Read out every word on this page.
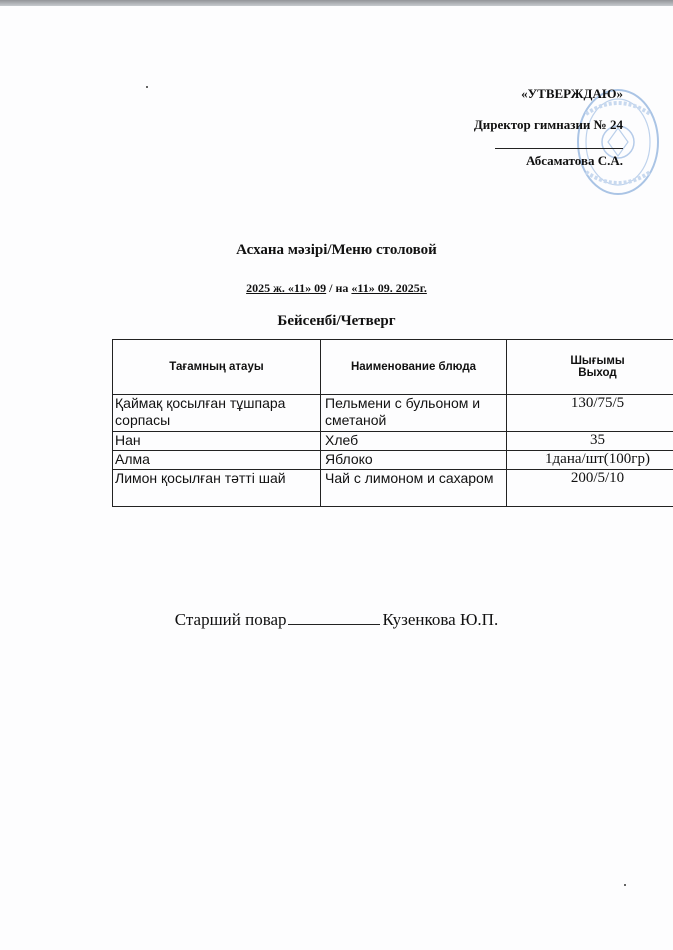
«УТВЕРЖДАЮ»
Директор гимназии № 24
Абсаматова С.А.
Асхана мәзірі/Меню столовой
2025 ж. «11» 09 / на «11» 09. 2025г.
Бейсенбі/Четверг
Тағамның атауы	Наименование блюда	Шығымы
Выход
Қаймақ қосылған тұшпара сорпасы	Пельмени с бульоном и сметаной	130/75/5
Нан	Хлеб	35
Алма	Яблоко	1дана/шт(100гр)
Лимон қосылған тәтті шай	Чай с лимоном и сахаром	200/5/10
Старший повар	Кузенкова Ю.П.
